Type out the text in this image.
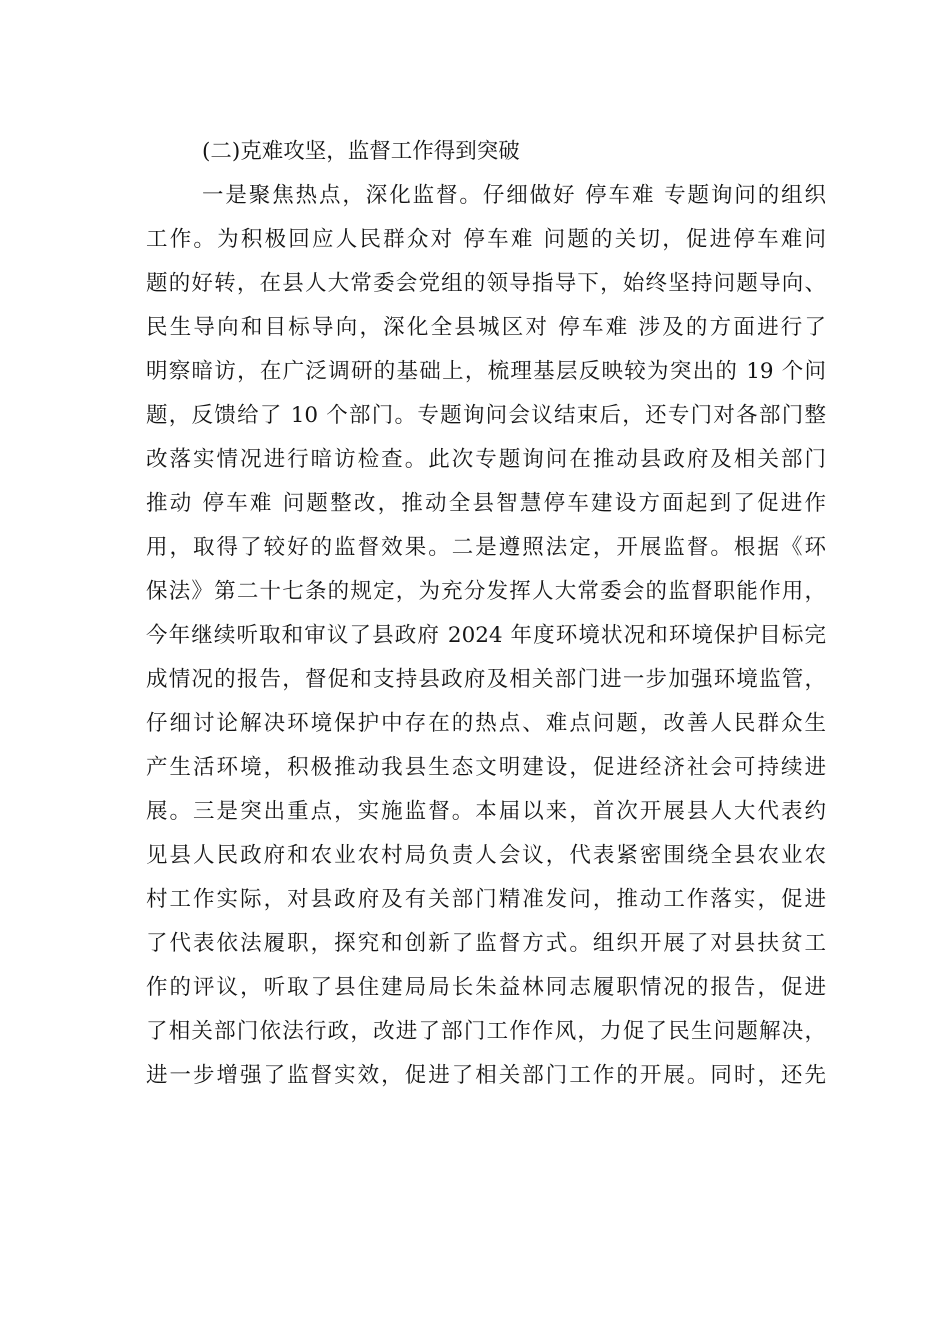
(二)克难攻坚，监督工作得到突破
一是聚焦热点，深化监督。仔细做好 停车难 专题询问的组织
工作。为积极回应人民群众对 停车难 问题的关切，促进停车难问
题的好转，在县人大常委会党组的领导指导下，始终坚持问题导向、
民生导向和目标导向，深化全县城区对 停车难 涉及的方面进行了
明察暗访，在广泛调研的基础上，梳理基层反映较为突出的 19 个问
题，反馈给了 10 个部门。专题询问会议结束后，还专门对各部门整
改落实情况进行暗访检查。此次专题询问在推动县政府及相关部门
推动 停车难 问题整改，推动全县智慧停车建设方面起到了促进作
用，取得了较好的监督效果。二是遵照法定，开展监督。根据《环
保法》第二十七条的规定，为充分发挥人大常委会的监督职能作用，
今年继续听取和审议了县政府 2024 年度环境状况和环境保护目标完
成情况的报告，督促和支持县政府及相关部门进一步加强环境监管，
仔细讨论解决环境保护中存在的热点、难点问题，改善人民群众生
产生活环境，积极推动我县生态文明建设，促进经济社会可持续进
展。三是突出重点，实施监督。本届以来，首次开展县人大代表约
见县人民政府和农业农村局负责人会议，代表紧密围绕全县农业农
村工作实际，对县政府及有关部门精准发问，推动工作落实，促进
了代表依法履职，探究和创新了监督方式。组织开展了对县扶贫工
作的评议，听取了县住建局局长朱益林同志履职情况的报告，促进
了相关部门依法行政，改进了部门工作作风，力促了民生问题解决，
进一步增强了监督实效，促进了相关部门工作的开展。同时，还先
